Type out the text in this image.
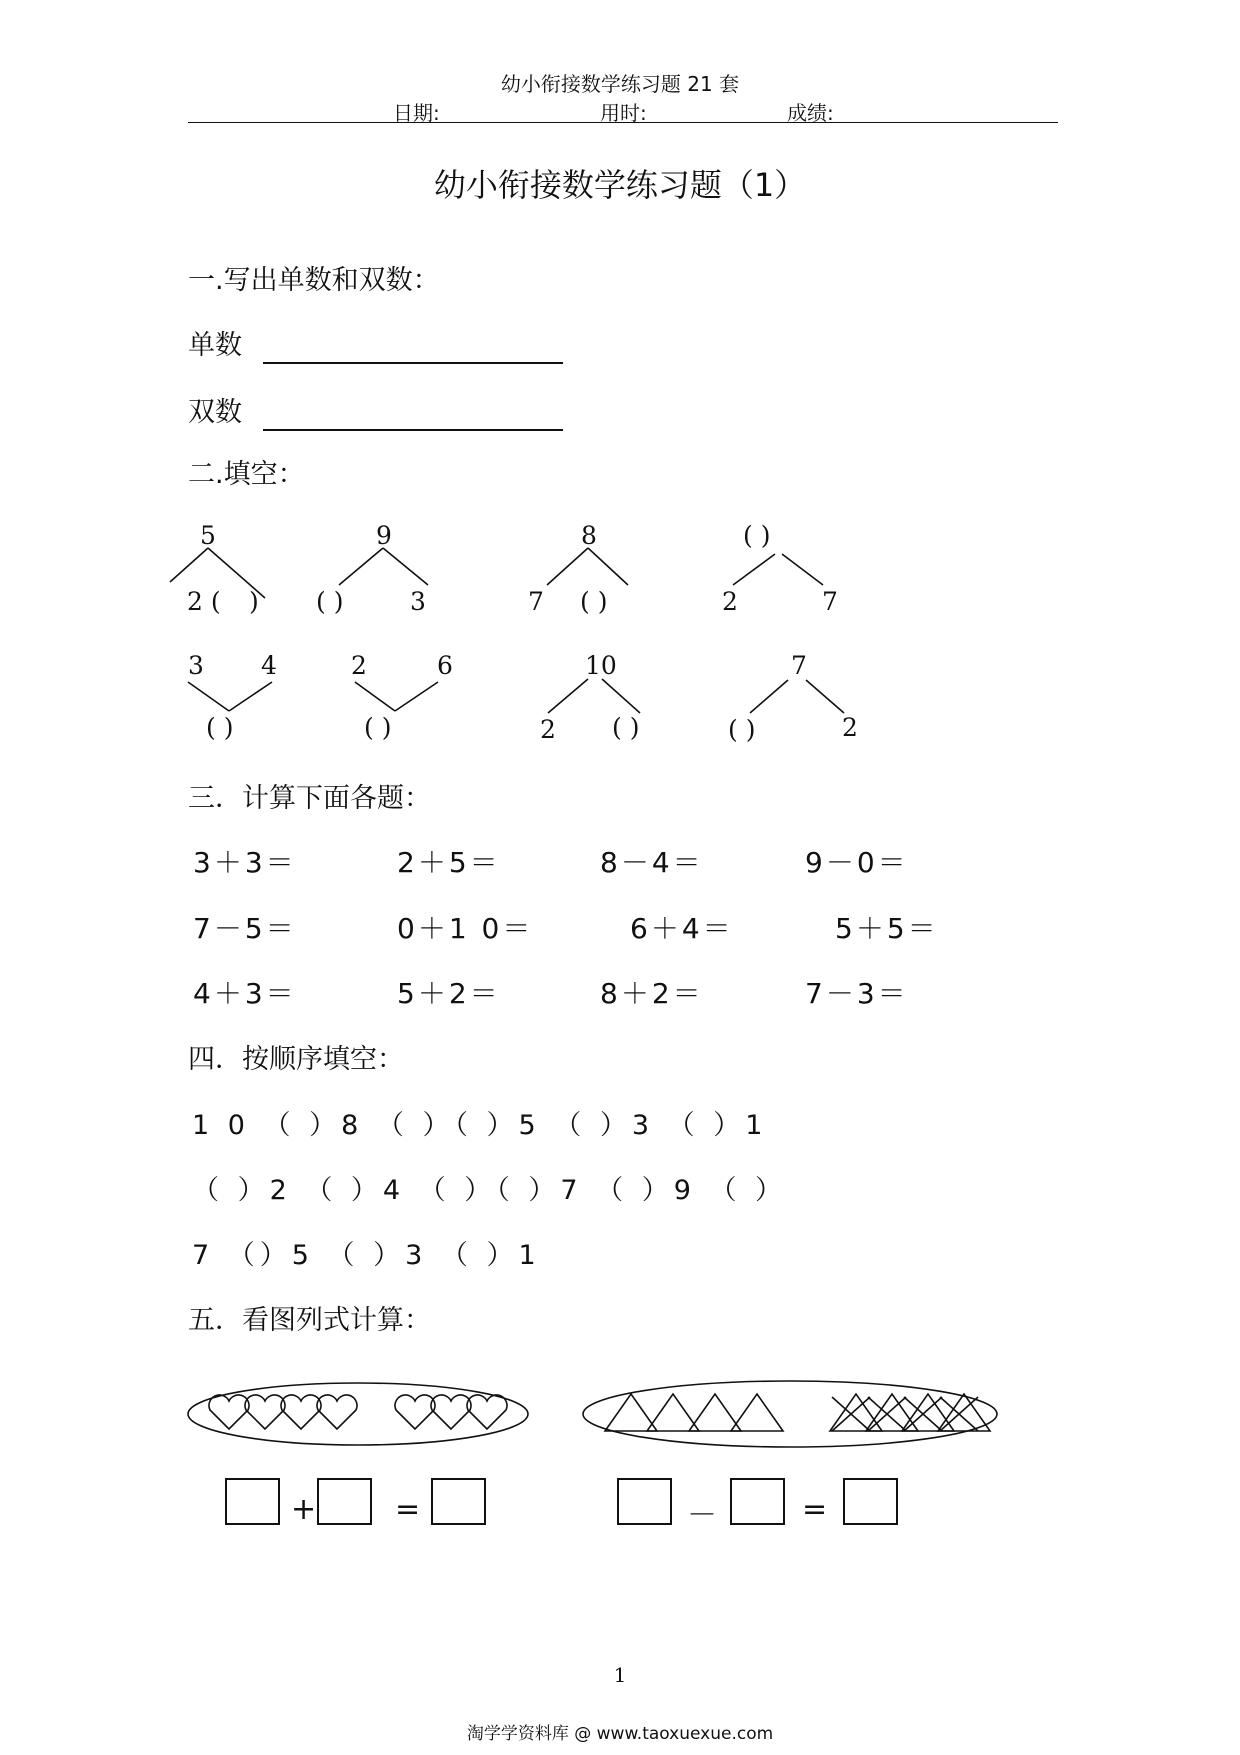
幼小衔接数学练习题 21 套
日期:	用时:	成绩:
幼小衔接数学练习题（1）
一.写出单数和双数：
单数
双数
二.填空：
5
2 ( )
9
( )	3
8
7 ( )
( )
2	7
3 4
( )
2	6
( )
10
2 ( )
7
( )	2
三．计算下面各题：
3＋3＝	2＋5＝	8－4＝	9－0＝
7－5＝	0＋1 0＝	6＋4＝	5＋5＝
4＋3＝	5＋2＝	8＋2＝	7－3＝
四．按顺序填空：
1 0 （ ）8 （ ）（ ）5 （ ）3 （ ）1
（ ）2 （ ）4 （ ）（ ）7 （ ）9 （ ）
7 （）5 （ ）3 （ ）1
五．看图列式计算：
+	=	－	=
1
淘学学资料库 @ www.taoxuexue.com
